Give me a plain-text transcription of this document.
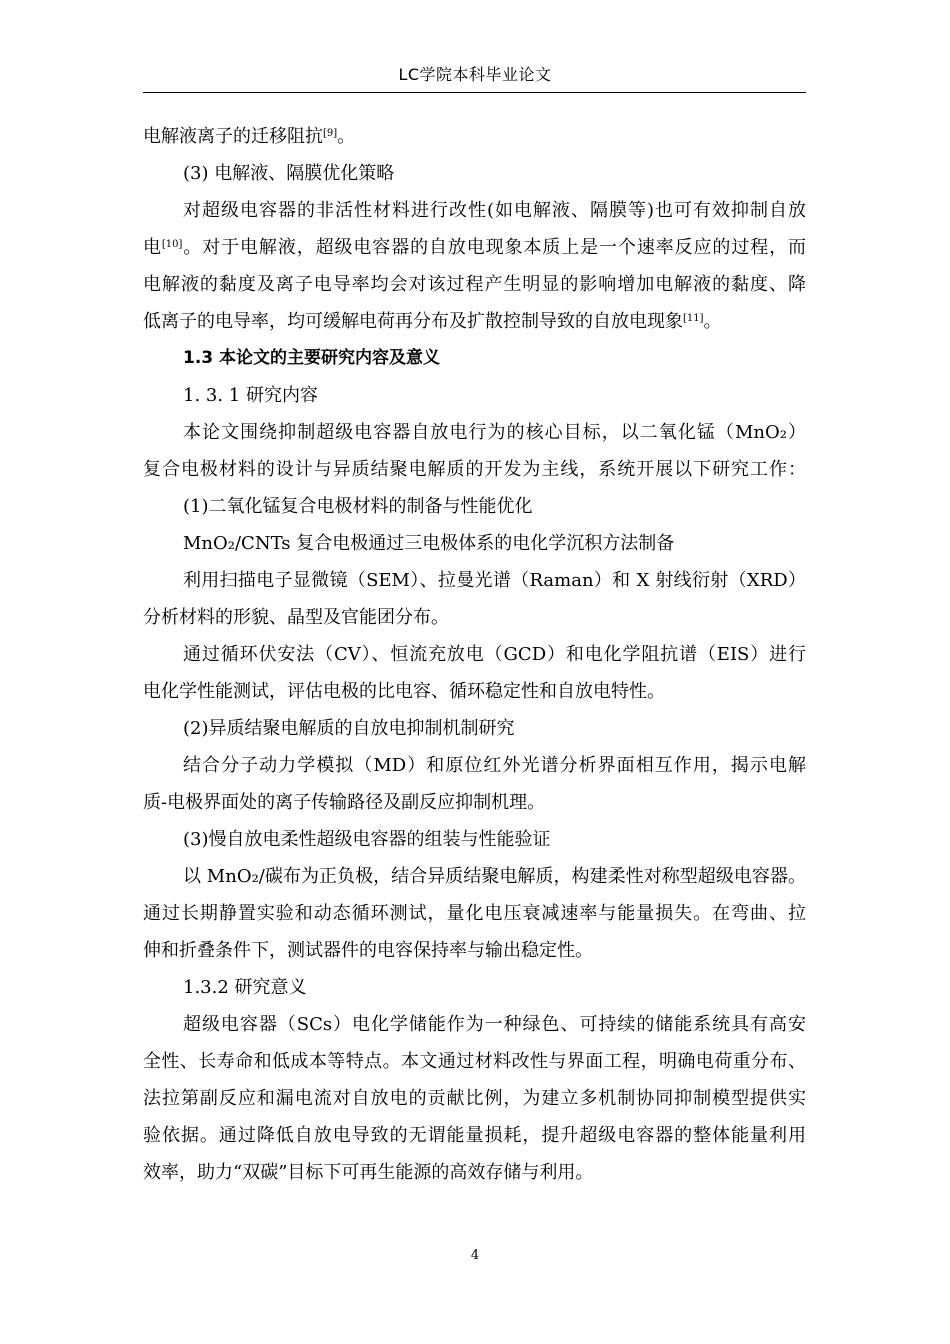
LC学院本科毕业论文
电解液离子的迁移阻抗[9]。
(3) 电解液、隔膜优化策略
对超级电容器的非活性材料进行改性(如电解液、隔膜等)也可有效抑制自放
电[10]。对于电解液，超级电容器的自放电现象本质上是一个速率反应的过程，而
电解液的黏度及离子电导率均会对该过程产生明显的影响增加电解液的黏度、降
低离子的电导率，均可缓解电荷再分布及扩散控制导致的自放电现象[11]。
1.3 本论文的主要研究内容及意义
1. 3. 1 研究内容
本论文围绕抑制超级电容器自放电行为的核心目标，以二氧化锰（MnO₂）
复合电极材料的设计与异质结聚电解质的开发为主线，系统开展以下研究工作：
(1)二氧化锰复合电极材料的制备与性能优化
MnO₂/CNTs 复合电极通过三电极体系的电化学沉积方法制备
利用扫描电子显微镜（SEM）、拉曼光谱（Raman）和 X 射线衍射（XRD）
分析材料的形貌、晶型及官能团分布。
通过循环伏安法（CV）、恒流充放电（GCD）和电化学阻抗谱（EIS）进行
电化学性能测试，评估电极的比电容、循环稳定性和自放电特性。
(2)异质结聚电解质的自放电抑制机制研究
结合分子动力学模拟（MD）和原位红外光谱分析界面相互作用，揭示电解
质-电极界面处的离子传输路径及副反应抑制机理。
(3)慢自放电柔性超级电容器的组装与性能验证
以 MnO₂/碳布为正负极，结合异质结聚电解质，构建柔性对称型超级电容器。
通过长期静置实验和动态循环测试，量化电压衰减速率与能量损失。在弯曲、拉
伸和折叠条件下，测试器件的电容保持率与输出稳定性。
1.3.2 研究意义
超级电容器（SCs）电化学储能作为一种绿色、可持续的储能系统具有高安
全性、长寿命和低成本等特点。本文通过材料改性与界面工程，明确电荷重分布、
法拉第副反应和漏电流对自放电的贡献比例，为建立多机制协同抑制模型提供实
验依据。通过降低自放电导致的无谓能量损耗，提升超级电容器的整体能量利用
效率，助力“双碳”目标下可再生能源的高效存储与利用。
4
